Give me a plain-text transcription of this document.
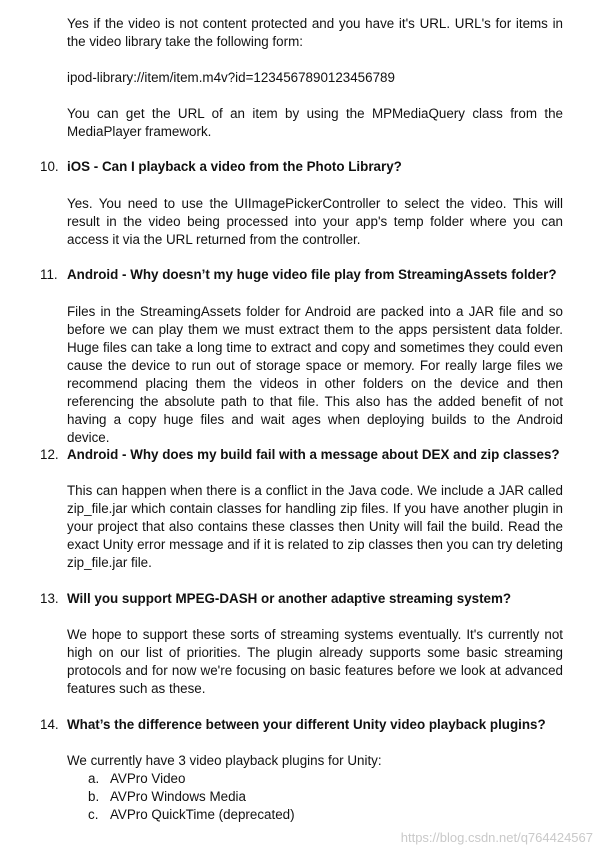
Yes if the video is not content protected and you have it's URL. URL's for items in the video library take the following form:

ipod-library://item/item.m4v?id=1234567890123456789

You can get the URL of an item by using the MPMediaQuery class from the MediaPlayer framework.

10. iOS - Can I playback a video from the Photo Library?

Yes. You need to use the UIImagePickerController to select the video. This will result in the video being processed into your app's temp folder where you can access it via the URL returned from the controller.

11. Android - Why doesn’t my huge video file play from StreamingAssets folder?

Files in the StreamingAssets folder for Android are packed into a JAR file and so before we can play them we must extract them to the apps persistent data folder. Huge files can take a long time to extract and copy and sometimes they could even cause the device to run out of storage space or memory. For really large files we recommend placing them the videos in other folders on the device and then referencing the absolute path to that file. This also has the added benefit of not having a copy huge files and wait ages when deploying builds to the Android device.

12. Android - Why does my build fail with a message about DEX and zip classes?

This can happen when there is a conflict in the Java code. We include a JAR called zip_file.jar which contain classes for handling zip files. If you have another plugin in your project that also contains these classes then Unity will fail the build. Read the exact Unity error message and if it is related to zip classes then you can try deleting zip_file.jar file.

13. Will you support MPEG-DASH or another adaptive streaming system?

We hope to support these sorts of streaming systems eventually. It's currently not high on our list of priorities. The plugin already supports some basic streaming protocols and for now we're focusing on basic features before we look at advanced features such as these.

14. What’s the difference between your different Unity video playback plugins?

We currently have 3 video playback plugins for Unity:

a. AVPro Video
b. AVPro Windows Media
c. AVPro QuickTime (deprecated)
https://blog.csdn.net/q764424567
